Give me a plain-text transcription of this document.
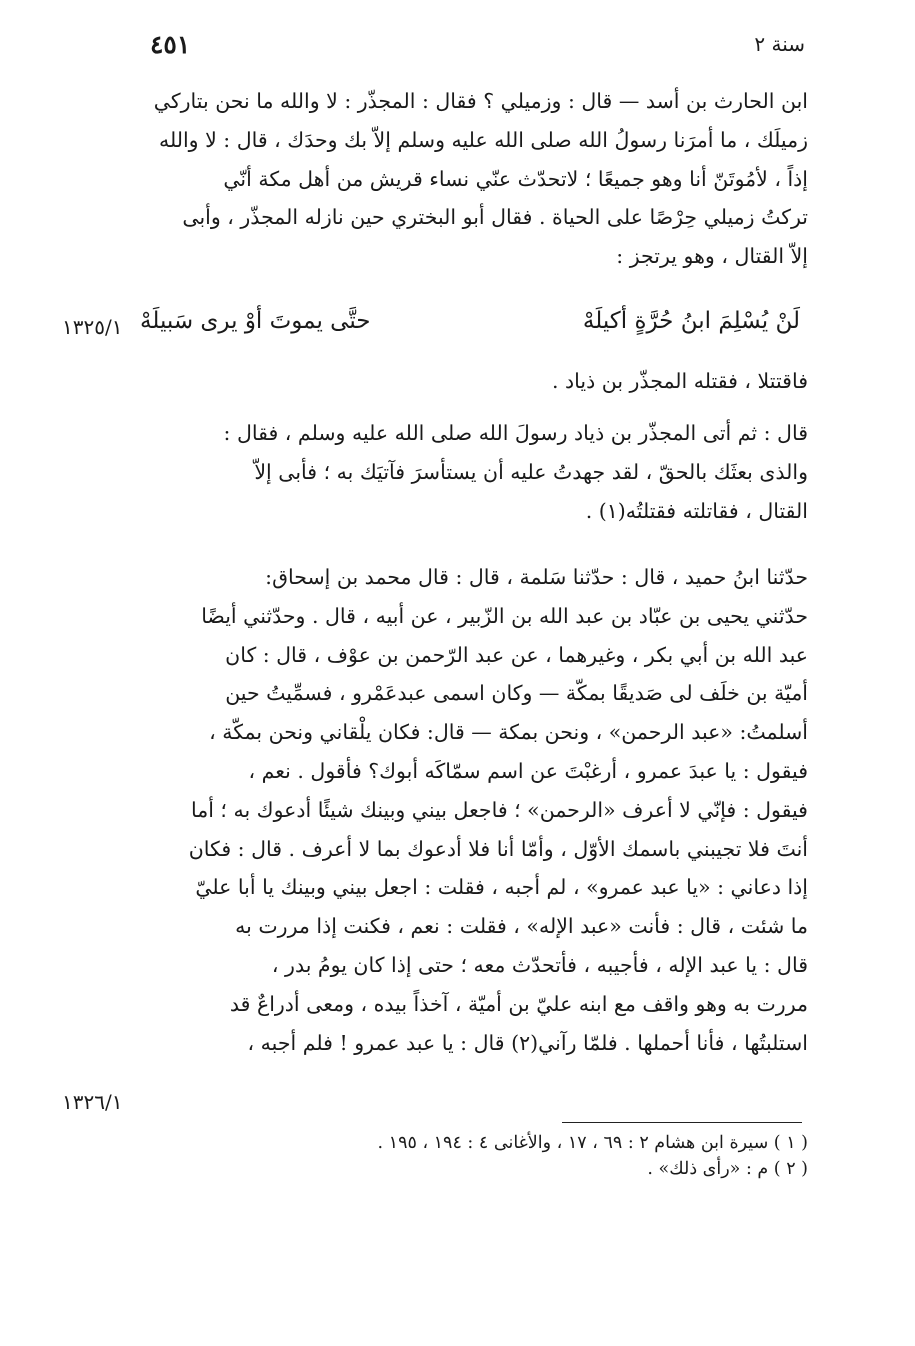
٤٥١	سنة ٢
ابن الحارث بن أسد — قال : وزميلي ؟ فقال : المجذّر : لا والله ما نحن بتاركي
زميلَك ، ما أمرَنا رسولُ الله صلى الله عليه وسلم إلاّ بك وحدَك ، قال : لا والله
إذاً ، لأمُوتَنّ أنا وهو جميعًا ؛ لاتحدّث عنّي نساء قريش من أهل مكة أنّي
تركتُ زميلي حِرْصًا على الحياة . فقال أبو البختري حين نازله المجذّر ، وأبى
إلاّ القتال ، وهو يرتجز :
لَنْ يُسْلِمَ ابنُ حُرَّةٍ أكيلَهْ
حتَّى يموتَ أوْ يرى سَبيلَهْ
١٣٢٥/١
فاقتتلا ، فقتله المجذّر بن ذياد .
قال : ثم أتى المجذّر بن ذياد رسولَ الله صلى الله عليه وسلم ، فقال :
والذى بعثَك بالحقّ ، لقد جهدتُ عليه أن يستأسرَ فآتيَك به ؛ فأبى إلاّ
القتال ، فقاتلته فقتلتُه(١) .
حدّثنا ابنُ حميد ، قال : حدّثنا سَلمة ، قال : قال محمد بن إسحاق:
حدّثني يحيى بن عبّاد بن عبد الله بن الزّبير ، عن أبيه ، قال . وحدّثني أيضًا
عبد الله بن أبي بكر ، وغيرهما ، عن عبد الرّحمن بن عوْف ، قال : كان
أميّة بن خلَف لى صَديقًا بمكّة — وكان اسمى عبدعَمْرو ، فسمِّيتُ حين
أسلمتُ: «عبد الرحمن» ، ونحن بمكة — قال: فكان يلْقاني ونحن بمكّة ،
فيقول : يا عبدَ عمرو ، أرغبْتَ عن اسم سمّاكَه أبوك؟ فأقول . نعم ،
فيقول : فإنّي لا أعرف «الرحمن» ؛ فاجعل بيني وبينك شيئًا أدعوك به ؛ أما
أنتَ فلا تجيبني باسمك الأوّل ، وأمّا أنا فلا أدعوك بما لا أعرف . قال : فكان
إذا دعاني : «يا عبد عمرو» ، لم أجبه ، فقلت : اجعل بيني وبينك يا أبا عليّ
ما شئت ، قال : فأنت «عبد الإله» ، فقلت : نعم ، فكنت إذا مررت به
قال : يا عبد الإله ، فأجيبه ، فأتحدّث معه ؛ حتى إذا كان يومُ بدر ،
مررت به وهو واقف مع ابنه عليّ بن أميّة ، آخذاً بيده ، ومعى أدراعٌ قد
استلبتُها ، فأنا أحملها . فلمّا رآني(٢) قال : يا عبد عمرو ! فلم أجبه ،
١٣٢٦/١
( ١ ) سيرة ابن هشام ٢ : ٦٩ ، ١٧ ، والأغانى ٤ : ١٩٤ ، ١٩٥ .
( ٢ ) م : «رأى ذلك» .
